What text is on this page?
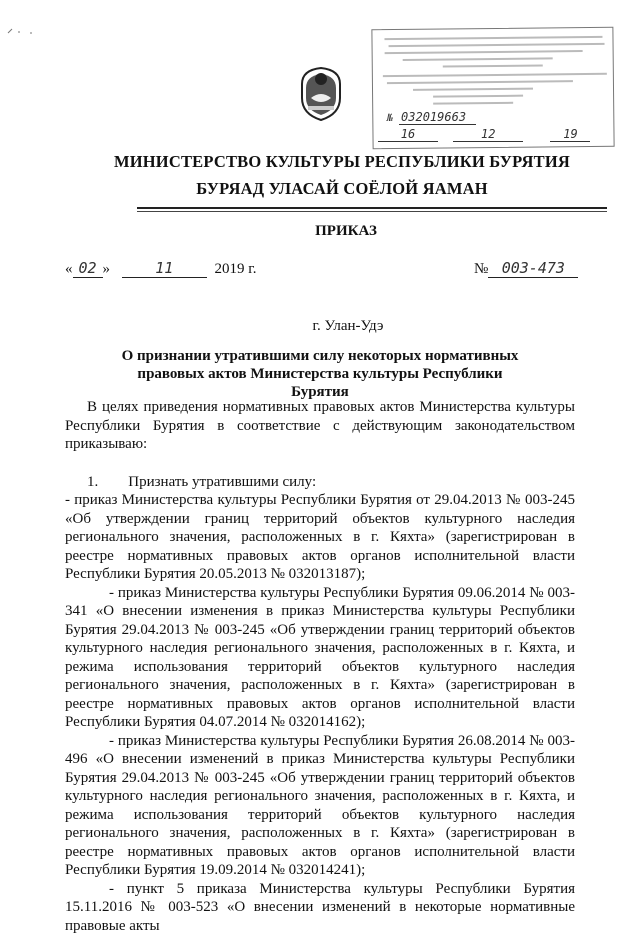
№ 032019663
16	12	19
МИНИСТЕРСТВО КУЛЬТУРЫ РЕСПУБЛИКИ БУРЯТИЯ
БУРЯАД УЛАСАЙ СОЁЛОЙ ЯАМАН
ПРИКАЗ
« 02 »	11	2019 г.	№ 003-473
г. Улан-Удэ
О признании утратившими силу некоторых нормативных правовых актов Министерства культуры Республики Бурятия

В целях приведения нормативных правовых актов Министерства культуры Республики Бурятия в соответствие с действующим законодательством приказываю:

1.        Признать утратившими силу:

- приказ Министерства культуры Республики Бурятия от 29.04.2013 № 003-245 «Об утверждении границ территорий объектов культурного наследия регионального значения, расположенных в г. Кяхта» (зарегистрирован в реестре нормативных правовых актов органов исполнительной власти Республики Бурятия 20.05.2013 № 032013187);

- приказ Министерства культуры Республики Бурятия 09.06.2014 № 003-341 «О внесении изменения в приказ Министерства культуры Республики Бурятия 29.04.2013 № 003-245 «Об утверждении границ территорий объектов культурного наследия регионального значения, расположенных в г. Кяхта, и режима использования территорий объектов культурного наследия регионального значения, расположенных в г. Кяхта» (зарегистрирован в реестре нормативных правовых актов органов исполнительной власти Республики Бурятия 04.07.2014 № 032014162);

- приказ Министерства культуры Республики Бурятия 26.08.2014 № 003-496 «О внесении изменений в приказ Министерства культуры Республики Бурятия 29.04.2013 № 003-245 «Об утверждении границ территорий объектов культурного наследия регионального значения, расположенных в г. Кяхта, и режима использования территорий объектов культурного наследия регионального значения, расположенных в г. Кяхта» (зарегистрирован в реестре нормативных правовых актов органов исполнительной власти Республики Бурятия 19.09.2014 № 032014241);

- пункт 5 приказа Министерства культуры Республики Бурятия 15.11.2016 № 003-523 «О внесении изменений в некоторые нормативные правовые акты
